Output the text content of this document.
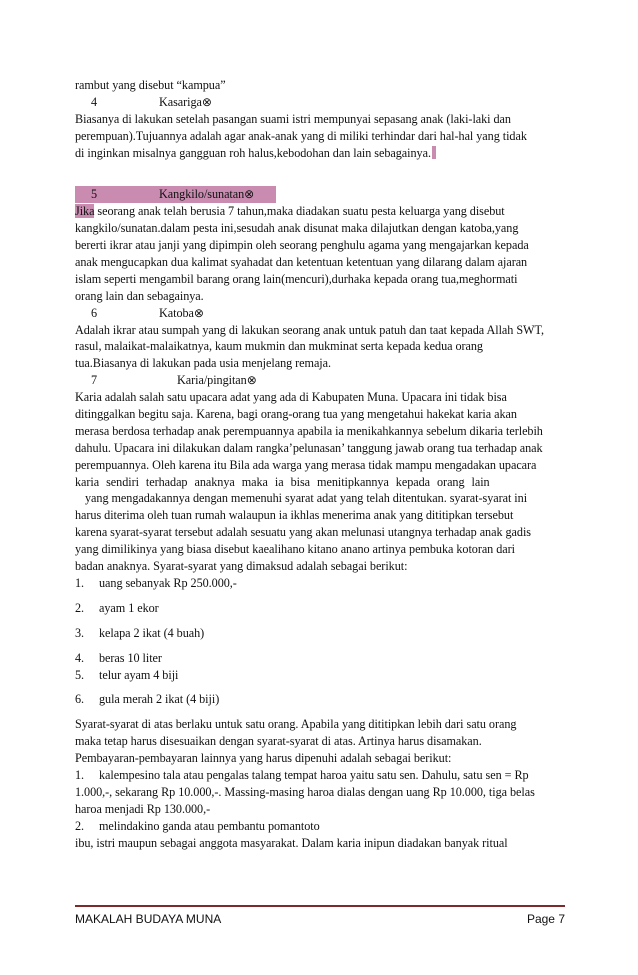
rambut yang disebut “kampua”
4	Kasariga⊗
Biasanya di lakukan setelah pasangan suami istri mempunyai sepasang anak (laki-laki dan
perempuan).Tujuannya adalah agar anak-anak yang di miliki terhindar dari hal-hal yang tidak
di inginkan misalnya gangguan roh halus,kebodohan dan lain sebagainya.
5	Kangkilo/sunatan⊗
Jika seorang anak telah berusia 7 tahun,maka diadakan suatu pesta keluarga yang disebut
kangkilo/sunatan.dalam pesta ini,sesudah anak disunat maka dilajutkan dengan katoba,yang
bererti ikrar atau janji yang dipimpin oleh seorang penghulu agama yang mengajarkan kepada
anak mengucapkan dua kalimat syahadat dan ketentuan ketentuan yang dilarang dalam ajaran
islam seperti mengambil barang orang lain(mencuri),durhaka kepada orang tua,meghormati
orang lain dan sebagainya.
6	Katoba⊗
Adalah ikrar atau sumpah yang di lakukan seorang anak untuk patuh dan taat kepada Allah SWT,
rasul, malaikat-malaikatnya, kaum mukmin dan mukminat serta kepada kedua orang
tua.Biasanya di lakukan pada usia menjelang remaja.
7	Karia/pingitan⊗
Karia adalah salah satu upacara adat yang ada di Kabupaten Muna. Upacara ini tidak bisa
ditinggalkan begitu saja. Karena, bagi orang-orang tua yang mengetahui hakekat karia akan
merasa berdosa terhadap anak perempuannya apabila ia menikahkannya sebelum dikaria terlebih
dahulu. Upacara ini dilakukan dalam rangka’pelunasan’ tanggung jawab orang tua terhadap anak
perempuannya. Oleh karena itu Bila ada warga yang merasa tidak mampu mengadakan upacara
karia sendiri terhadap anaknya maka ia bisa menitipkannya kepada orang lain
yang mengadakannya dengan memenuhi syarat adat yang telah ditentukan. syarat-syarat ini
harus diterima oleh tuan rumah walaupun ia ikhlas menerima anak yang dititipkan tersebut
karena syarat-syarat tersebut adalah sesuatu yang akan melunasi utangnya terhadap anak gadis
yang dimilikinya yang biasa disebut kaealihano kitano anano artinya pembuka kotoran dari
badan anaknya. Syarat-syarat yang dimaksud adalah sebagai berikut:
1.	uang sebanyak Rp 250.000,-
2.	ayam 1 ekor
3.	kelapa 2 ikat (4 buah)
4.	beras 10 liter
5.	telur ayam 4 biji
6.	gula merah 2 ikat (4 biji)
Syarat-syarat di atas berlaku untuk satu orang. Apabila yang dititipkan lebih dari satu orang
maka tetap harus disesuaikan dengan syarat-syarat di atas. Artinya harus disamakan.
Pembayaran-pembayaran lainnya yang harus dipenuhi adalah sebagai berikut:
1.	kalempesino tala atau pengalas talang tempat haroa yaitu satu sen. Dahulu, satu sen = Rp
1.000,-, sekarang Rp 10.000,-. Massing-masing haroa dialas dengan uang Rp 10.000, tiga belas
haroa menjadi Rp 130.000,-
2.	melindakino ganda atau pembantu pomantoto
ibu, istri maupun sebagai anggota masyarakat. Dalam karia inipun diadakan banyak ritual
MAKALAH BUDAYA MUNA	Page 7
